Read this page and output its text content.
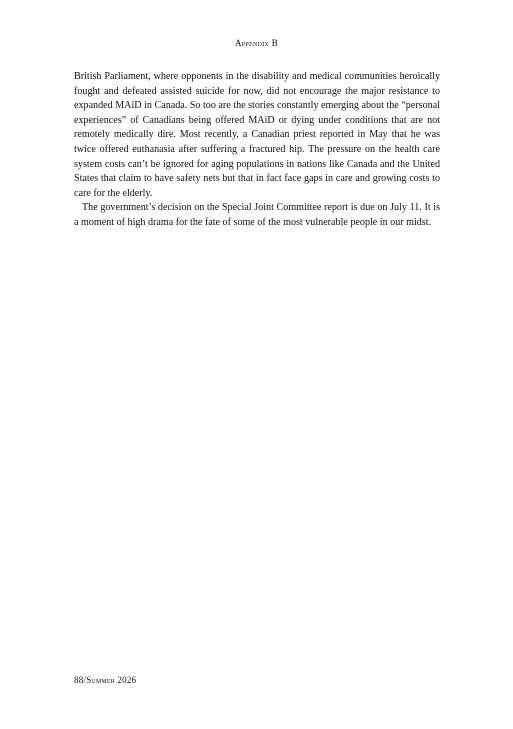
Appendix B

British Parliament, where opponents in the disability and medical communities heroically fought and defeated assisted suicide for now, did not encourage the major resistance to expanded MAiD in Canada. So too are the stories constantly emerging about the “personal experiences” of Canadians being offered MAiD or dying under conditions that are not remotely medically dire. Most recently, a Canadian priest reported in May that he was twice offered euthanasia after suffering a fractured hip. The pressure on the health care system costs can’t be ignored for aging populations in nations like Canada and the United States that claim to have safety nets but that in fact face gaps in care and growing costs to care for the elderly.

The government’s decision on the Special Joint Committee report is due on July 11. It is a moment of high drama for the fate of some of the most vulnerable people in our midst.

88/Summer 2026
